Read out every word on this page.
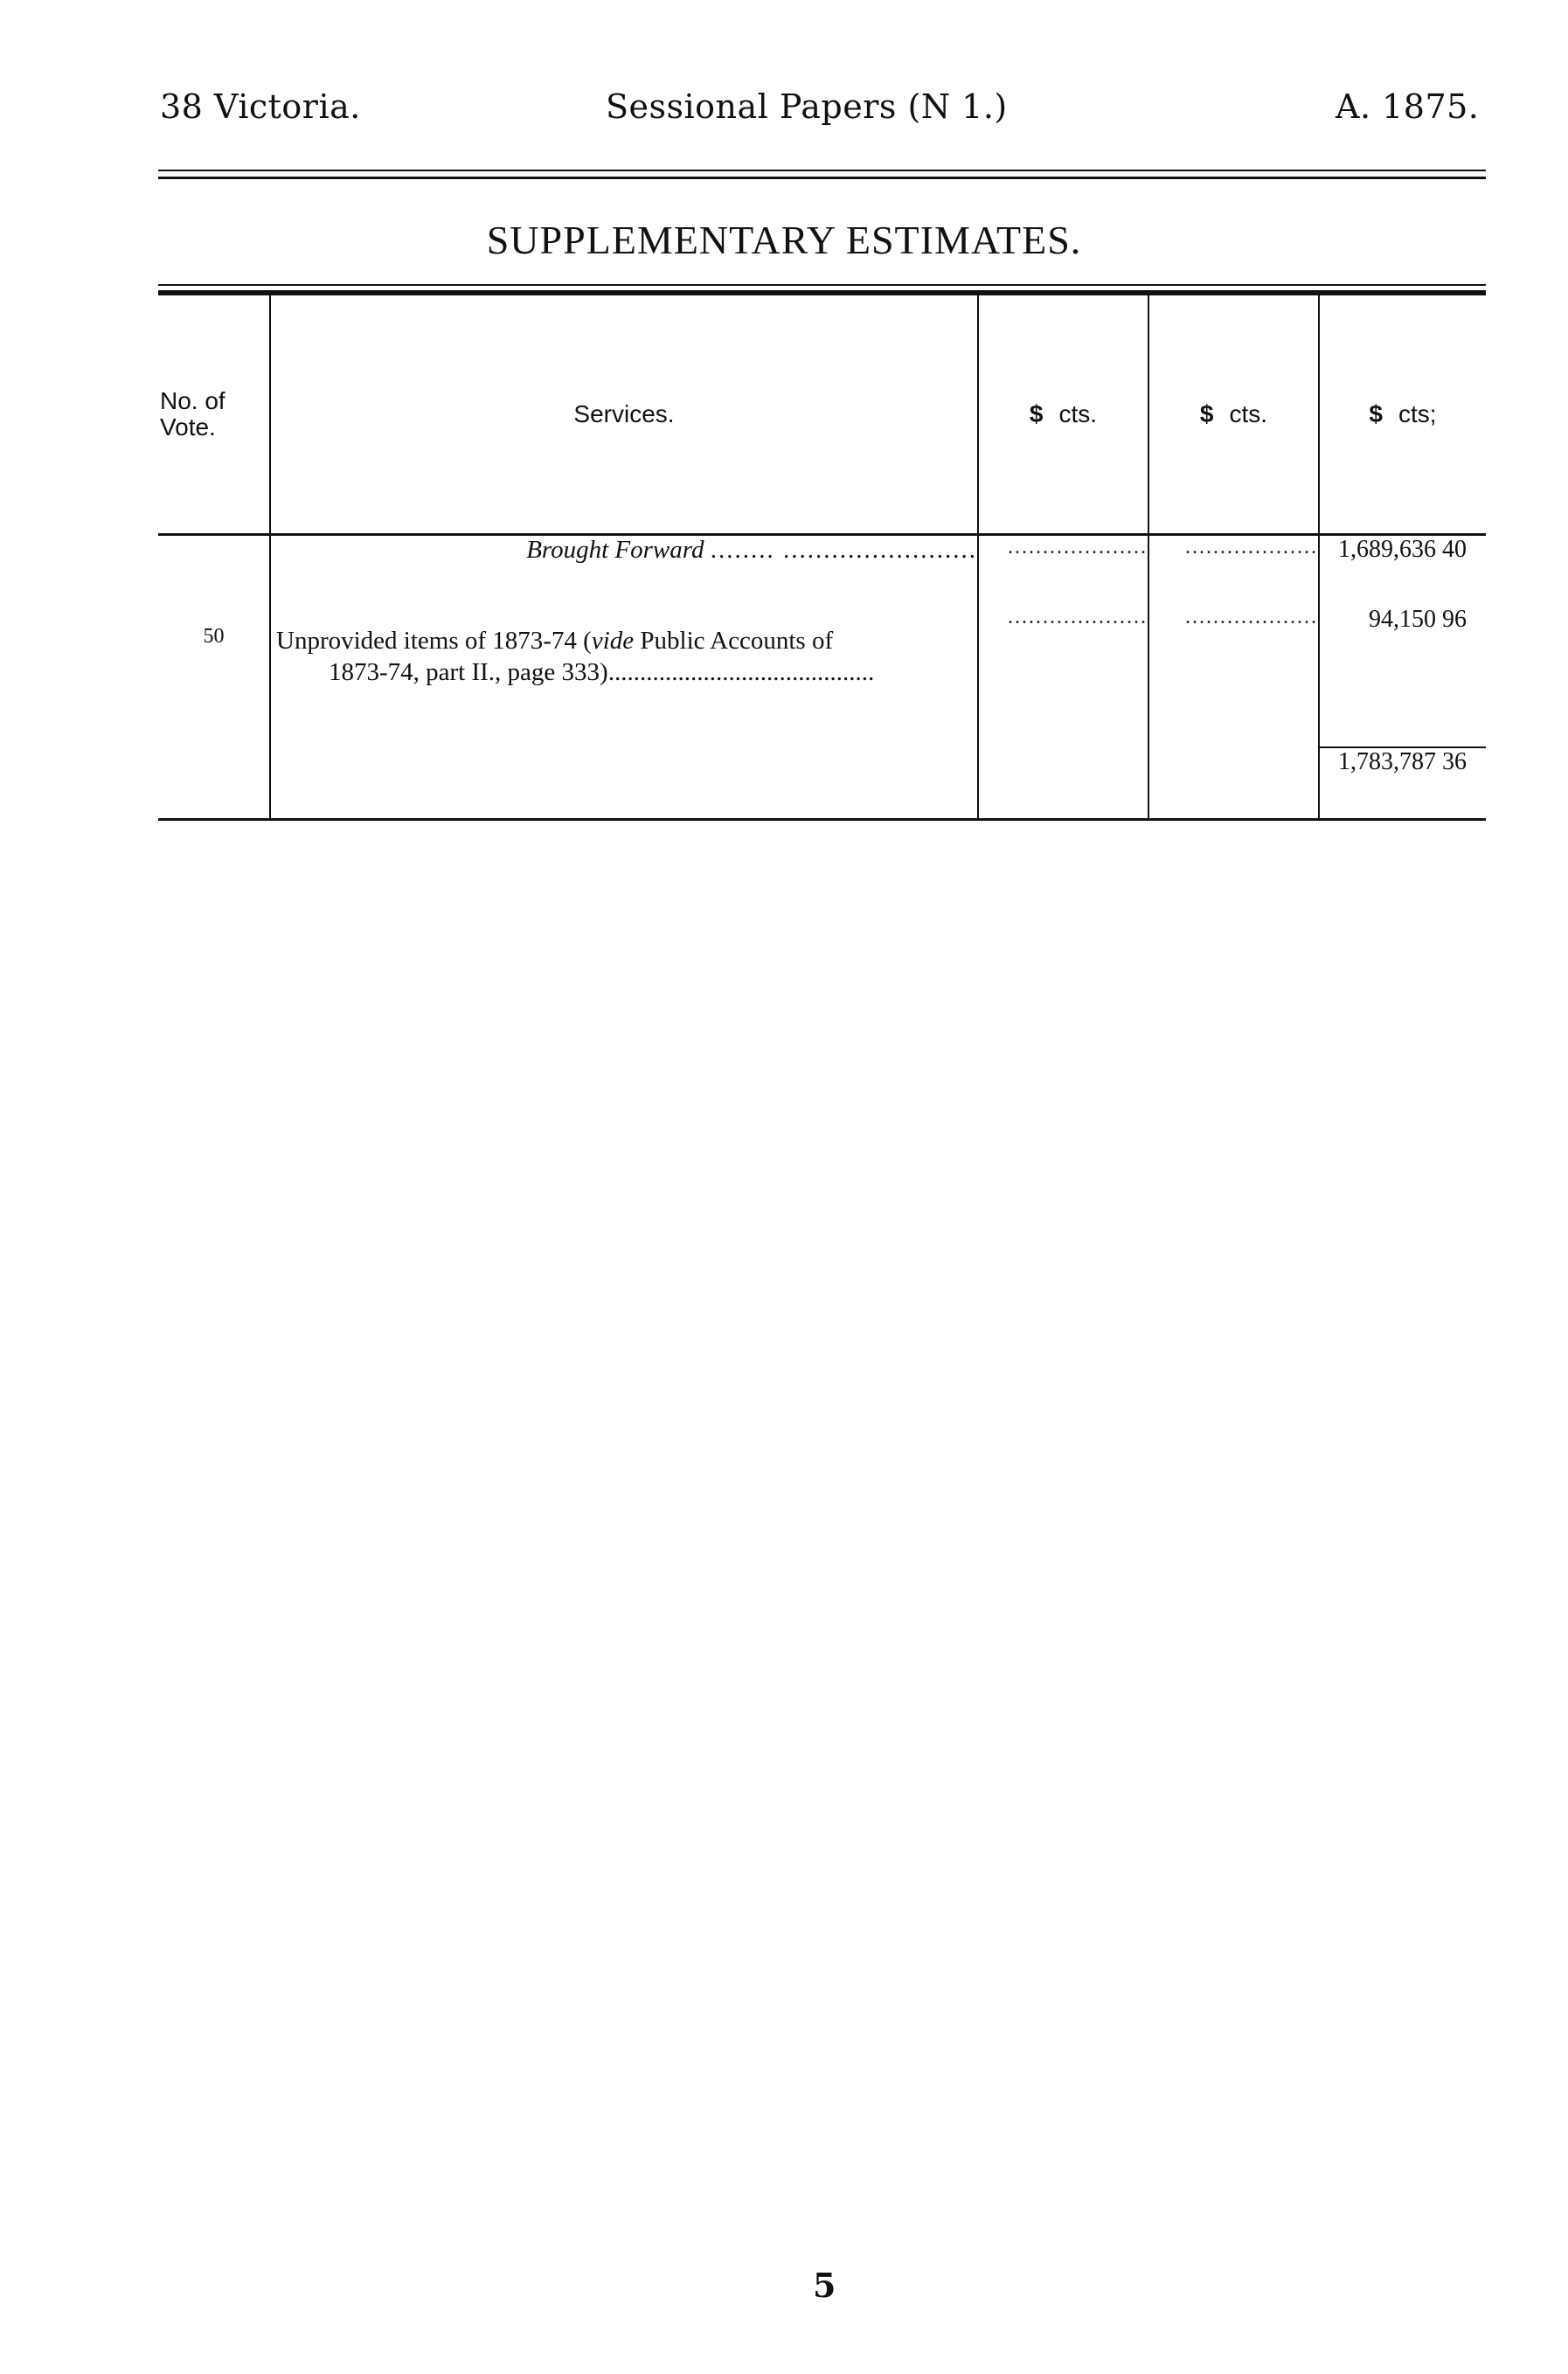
38 Victoria.	Sessional Papers (N 1.)	A. 1875.
SUPPLEMENTARY ESTIMATES.
No. of Vote.	Services.	$ cts.	$ cts.	$ cts;
	Brought Forward ........ ........................	....................	...................	1,689,636 40
50	Unprovided items of 1873-74 (vide Public Accounts of
1873-74, part II., page 333)..........................................	....................	...................	94,150 96
				1,783,787 36
5
